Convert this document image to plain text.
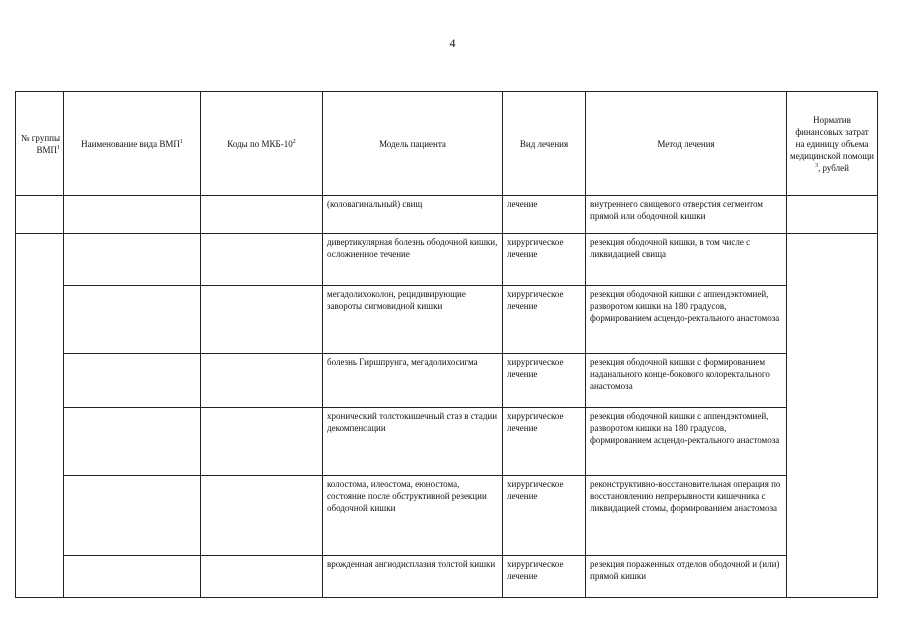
4
№ группы ВМП$^1$	Наименование вида ВМП$^1$	Коды по МКБ-$10^2$	Модель пациента	Вид лечения	Метод лечения	Норматив финансовых затрат на единицу объема медицинской помощи $^3$, рублей
			(коловагинальный) свищ	лечение	внутреннего свищевого отверстия сегментом прямой или ободочной кишки	
			дивертикулярная болезнь ободочной кишки, осложненное течение	хирургическое лечение	резекция ободочной кишки, в том числе с ликвидацией свища	
			мегадолихоколон, рецидивирующие завороты сигмовидной кишки	хирургическое лечение	резекция ободочной кишки с аппендэктомией, разворотом кишки на 180 градусов, формированием асцендо-ректального анастомоза	
			болезнь Гиршпрунга, мегадолихосигма	хирургическое лечение	резекция ободочной кишки с формированием наданального конце-бокового колоректального анастомоза	
			хронический толстокишечный стаз в стадии декомпенсации	хирургическое лечение	резекция ободочной кишки с аппендэктомией, разворотом кишки на 180 градусов, формированием асцендо-ректального анастомоза	
			колостома, илеостома, еюностома, состояние после обструктивной резекции ободочной кишки	хирургическое лечение	реконструктивно-восстановительная операция по восстановлению непрерывности кишечника с ликвидацией стомы, формированием анастомоза	
			врожденная ангиодисплазия толстой кишки	хирургическое лечение	резекция пораженных отделов ободочной и (или) прямой кишки	
